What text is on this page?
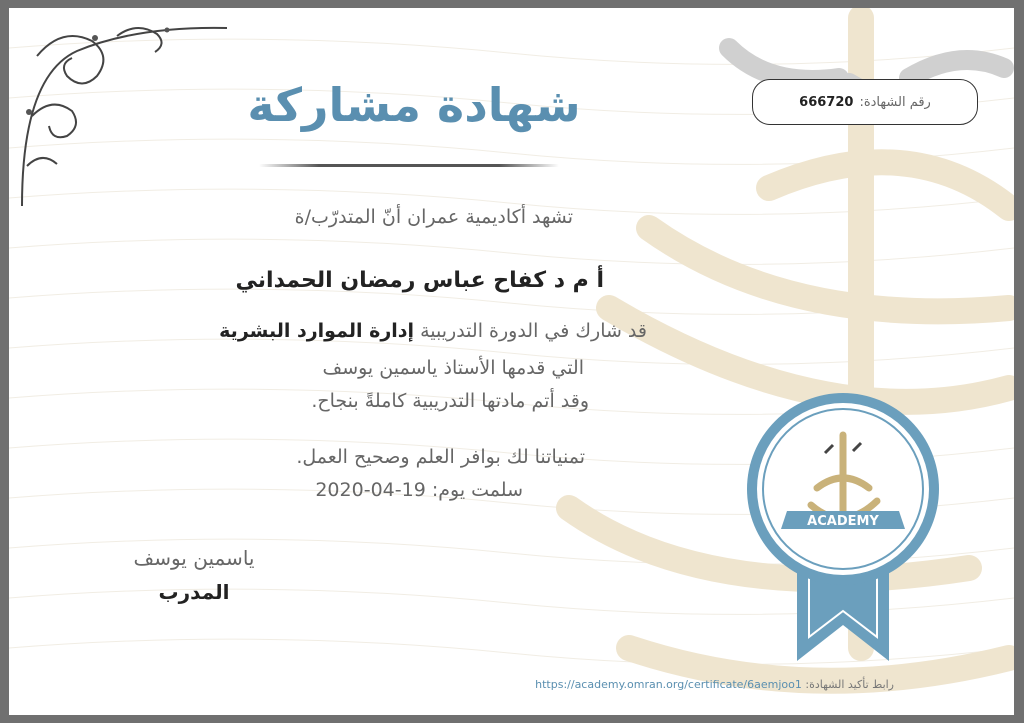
رقم الشهادة:
666720
شهادة مشاركة
تشهد أكاديمية عمران أنّ المتدرّب/ة
أ م د كفاح عباس رمضان الحمداني
قد شارك في الدورة التدريبية إدارة الموارد البشرية
التي قدمها الأستاذ ياسمين يوسف
وقد أتم مادتها التدريبية كاملةً بنجاح.
تمنياتنا لك بوافر العلم وصحيح العمل.
سلمت يوم: 19-04-2020
ياسمين يوسف
المدرب
ACADEMY
رابط تأكيد الشهادة: https://academy.omran.org/certificate/6aemjoo1
